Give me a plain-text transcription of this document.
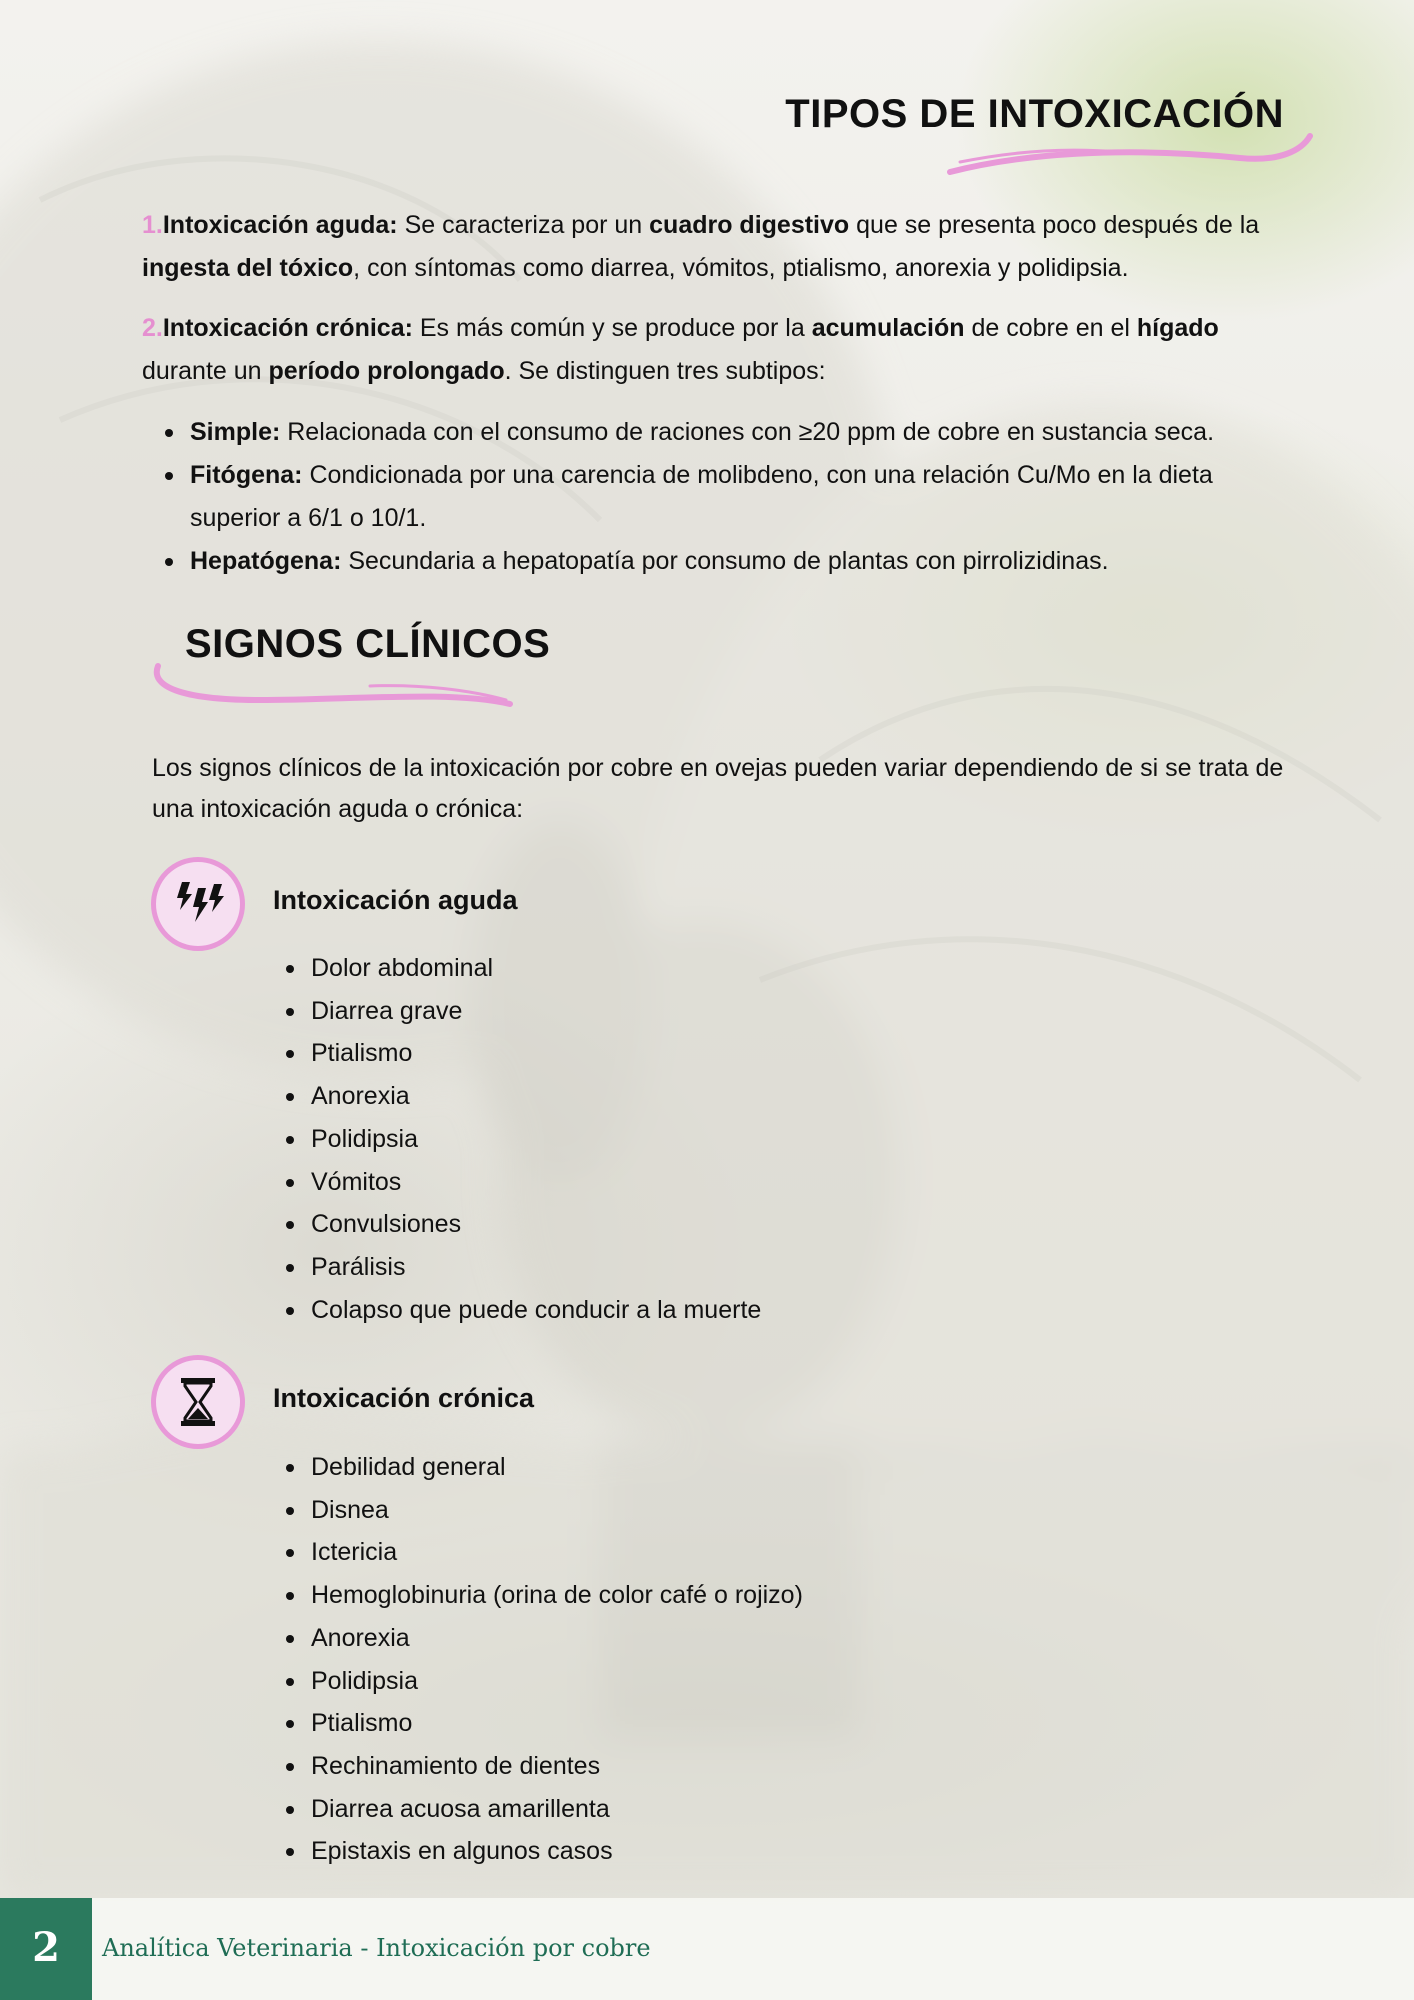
TIPOS DE INTOXICACIÓN

1.Intoxicación aguda: Se caracteriza por un cuadro digestivo que se presenta poco después de la ingesta del tóxico, con síntomas como diarrea, vómitos, ptialismo, anorexia y polidipsia.

2.Intoxicación crónica: Es más común y se produce por la acumulación de cobre en el hígado durante un período prolongado. Se distinguen tres subtipos:

Simple: Relacionada con el consumo de raciones con ≥20 ppm de cobre en sustancia seca.
Fitógena: Condicionada por una carencia de molibdeno, con una relación Cu/Mo en la dieta superior a 6/1 o 10/1.
Hepatógena: Secundaria a hepatopatía por consumo de plantas con pirrolizidinas.
SIGNOS CLÍNICOS

Los signos clínicos de la intoxicación por cobre en ovejas pueden variar dependiendo de si se trata de una intoxicación aguda o crónica:

Intoxicación aguda

Dolor abdominal
Diarrea grave
Ptialismo
Anorexia
Polidipsia
Vómitos
Convulsiones
Parálisis
Colapso que puede conducir a la muerte

Intoxicación crónica

Debilidad general
Disnea
Ictericia
Hemoglobinuria (orina de color café o rojizo)
Anorexia
Polidipsia
Ptialismo
Rechinamiento de dientes
Diarrea acuosa amarillenta
Epistaxis en algunos casos
2	Analítica Veterinaria - Intoxicación por cobre
